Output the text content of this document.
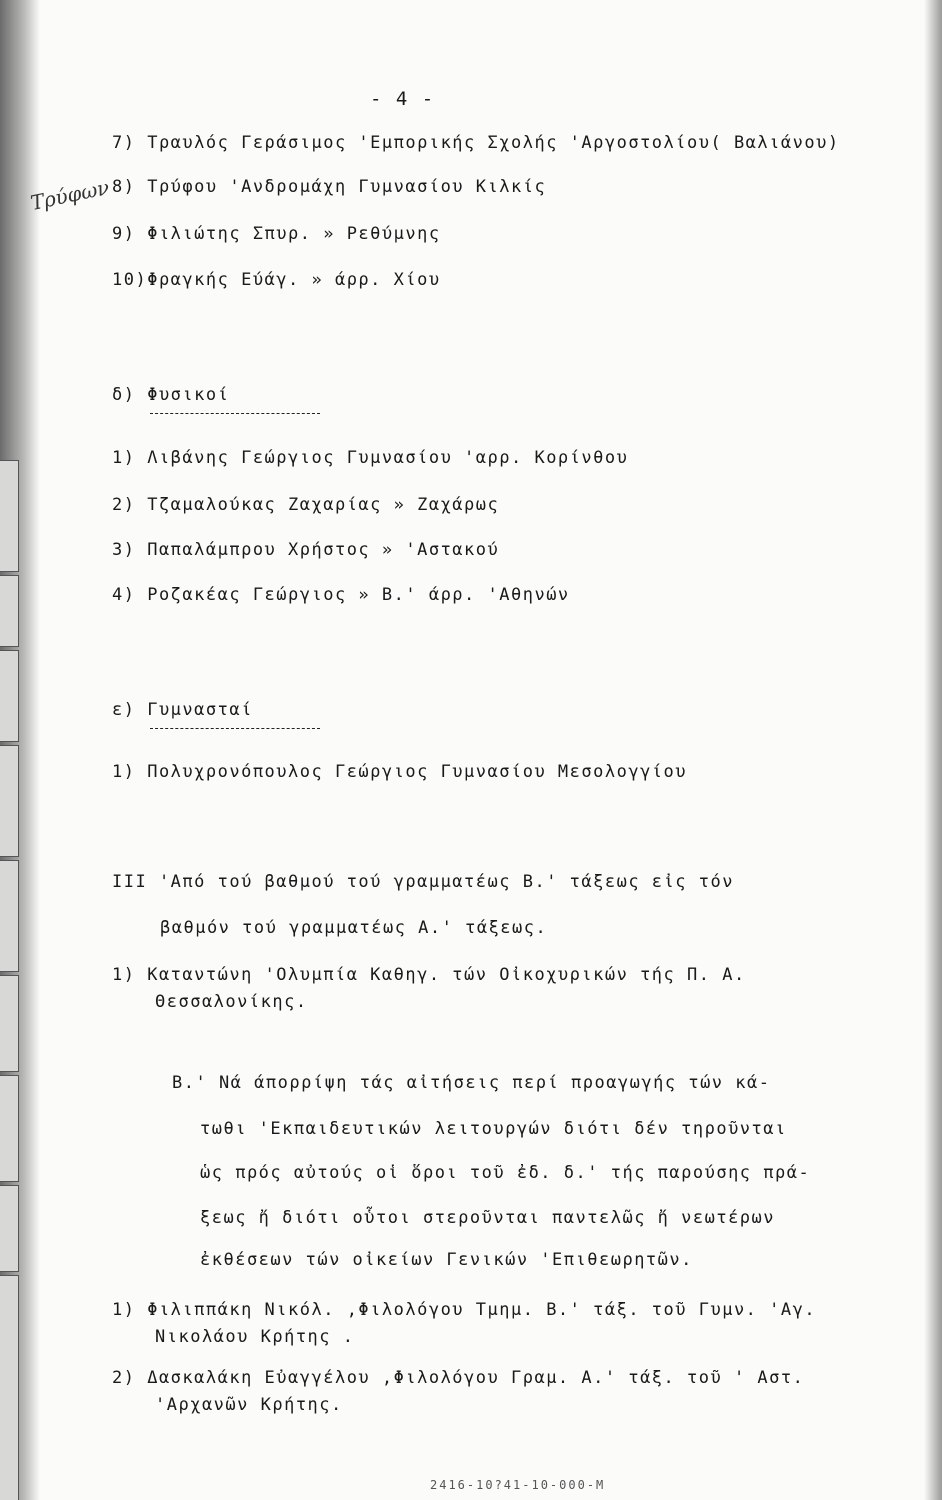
- 4 -
Τρύφων
7) Τραυλός Γεράσιμος 'Εμπορικής Σχολής 'Αργοστολίου( Βαλιάνου)
8) Τρύφου 'Ανδρομάχη Γυμνασίου Κιλκίς
9) Φιλιώτης Σπυρ. » Ρεθύμνης
10)Φραγκής Εύάγ. » άρρ. Χίου
δ) Φυσικοί
1) Λιβάνης Γεώργιος Γυμνασίου 'αρρ. Κορίνθου
2) Τζαμαλούκας Ζαχαρίας » Ζαχάρως
3) Παπαλάμπρου Χρήστος » 'Αστακού
4) Ροζακέας Γεώργιος » Β.' άρρ. 'Αθηνών
ε) Γυμνασταί
1) Πολυχρονόπουλος Γεώργιος Γυμνασίου Μεσολογγίου
III 'Από τού βαθμού τού γραμματέως Β.' τάξεως εἰς τόν
βαθμόν τού γραμματέως Α.' τάξεως.
1) Καταντώνη 'Ολυμπία Καθηγ. τών Οἰκοχυρικών τής Π. Α.
Θεσσαλονίκης.
Β.' Νά άπορρίψη τάς αἰτήσεις περί προαγωγής τών κά-
τωθι 'Εκπαιδευτικών λειτουργών διότι δέν τηροῦνται
ὡς πρός αὐτούς οἱ ὅροι τοῦ ἐδ. δ.' τής παρούσης πρά-
ξεως ἤ διότι οὗτοι στεροῦνται παντελῶς ἤ νεωτέρων
ἐκθέσεων τών οἰκείων Γενικών 'Επιθεωρητῶν.
1) Φιλιππάκη Νικόλ. ,Φιλολόγου Τμημ. Β.' τάξ. τοῦ Γυμν. 'Αγ.
Νικολάου Κρήτης .
2) Δασκαλάκη Εὐαγγέλου ,Φιλολόγου Γραμ. Α.' τάξ. τοῦ ' Αστ.
'Αρχανῶν Κρήτης.
2416-10?41-10-000-M
